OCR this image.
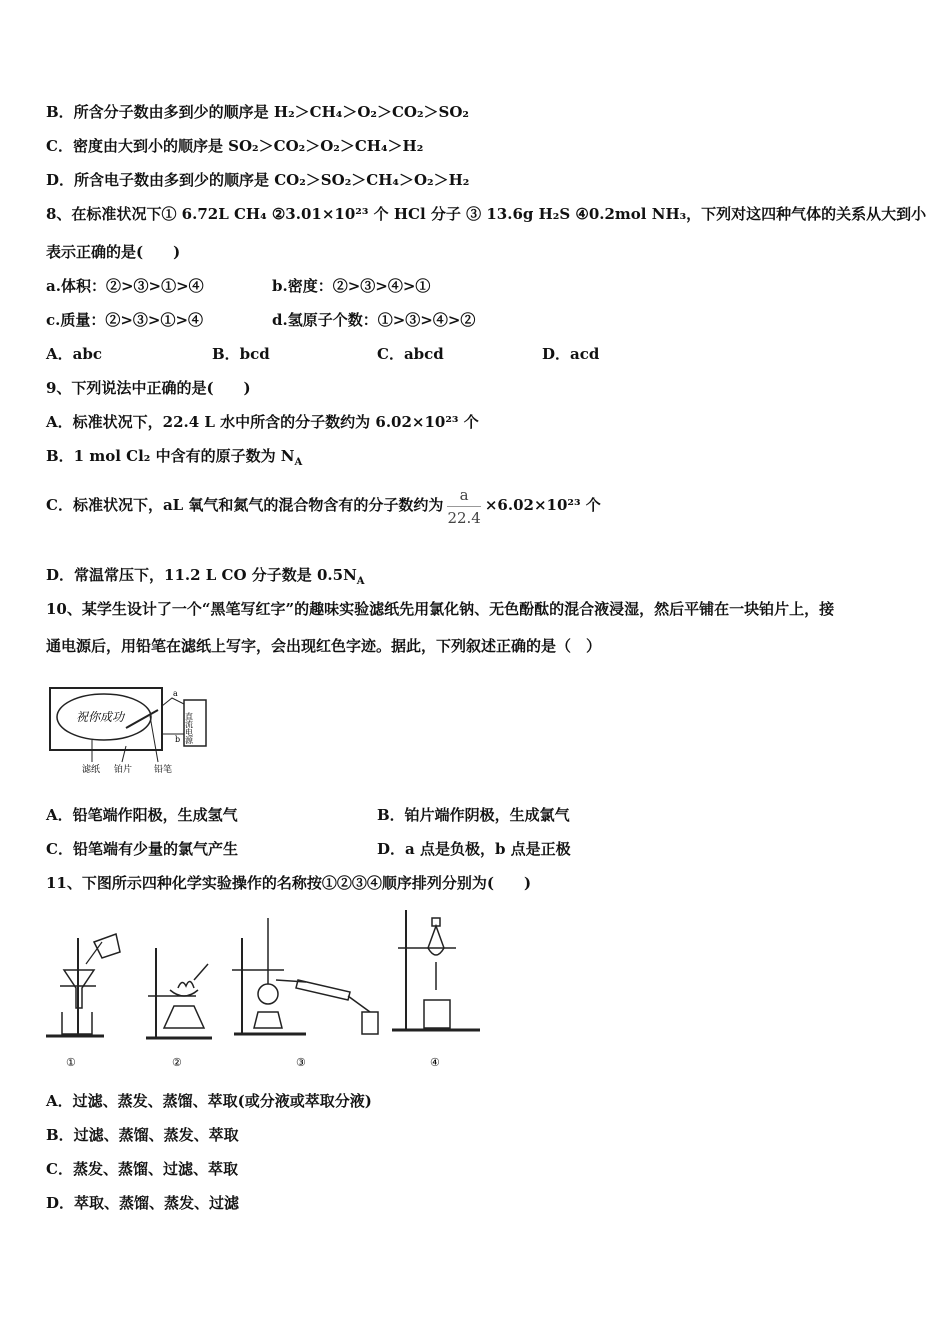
B．所含分子数由多到少的顺序是 H₂＞CH₄＞O₂＞CO₂＞SO₂
C．密度由大到小的顺序是 SO₂＞CO₂＞O₂＞CH₄＞H₂
D．所含电子数由多到少的顺序是 CO₂＞SO₂＞CH₄＞O₂＞H₂
8、在标准状况下① 6.72L CH₄ ②3.01×10²³ 个 HCl 分子 ③ 13.6g H₂S ④0.2mol NH₃，下列对这四种气体的关系从大到小
表示正确的是(　　)
a.体积：②>③>①>④	b.密度：②>③>④>①
c.质量：②>③>①>④	d.氢原子个数：①>③>④>②
A．abc	B．bcd	C．abcd	D．acd
9、下列说法中正确的是(　　)
A．标准状况下，22.4 L 水中所含的分子数约为 6.02×10²³ 个
B．1 mol Cl₂ 中含有的原子数为 $N_A$
C．标准状况下，aL 氧气和氮气的混合物含有的分子数约为 $\frac{a}{22.4} \times 6.02\times 10^{23}$ 个
D．常温常压下，11.2 L CO 分子数是 $0.5N_A$
10、某学生设计了一个“黑笔写红字”的趣味实验滤纸先用氯化钠、无色酚酞的混合液浸湿，然后平铺在一块铂片上，接
通电源后，用铅笔在滤纸上写字，会出现红色字迹。据此，下列叙述正确的是（　）
祝你成功	直流电源
a
b
滤纸 铂片 铅笔
A．铅笔端作阳极，生成氢气	B．铂片端作阴极，生成氯气
C．铅笔端有少量的氯气产生	D．a 点是负极，b 点是正极
11、下图所示四种化学实验操作的名称按①②③④顺序排列分别为(　　)
①	②	③	④
A．过滤、蒸发、蒸馏、萃取(或分液或萃取分液)
B．过滤、蒸馏、蒸发、萃取
C．蒸发、蒸馏、过滤、萃取
D．萃取、蒸馏、蒸发、过滤
